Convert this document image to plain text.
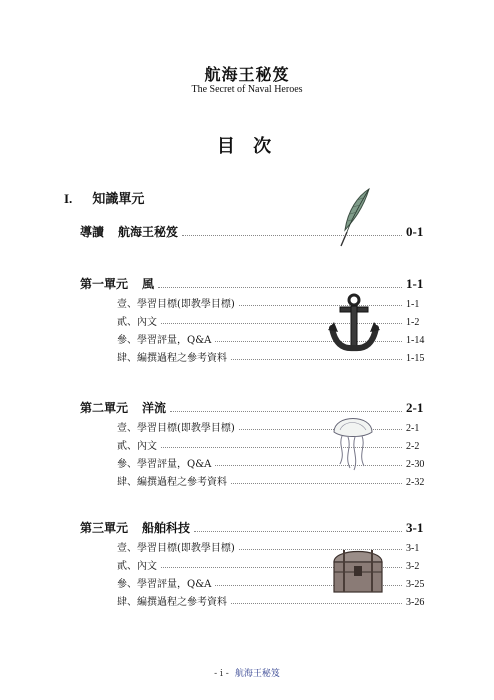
航海王秘笈
The Secret of Naval Heroes
目 次
I. 知識單元
導讀 航海王秘笈	0-1
第一單元 風	1-1
壹、學習目標(即教學目標)	1-1
貳、內文	1-2
參、學習評量，Q&A	1-14
肆、編撰過程之參考資料	1-15
第二單元 洋流	2-1
壹、學習目標(即教學目標)	2-1
貳、內文	2-2
參、學習評量，Q&A	2-30
肆、編撰過程之參考資料	2-32
第三單元 船舶科技	3-1
壹、學習目標(即教學目標)	3-1
貳、內文	3-2
參、學習評量，Q&A	3-25
肆、編撰過程之參考資料	3-26
- i - 航海王秘笈
